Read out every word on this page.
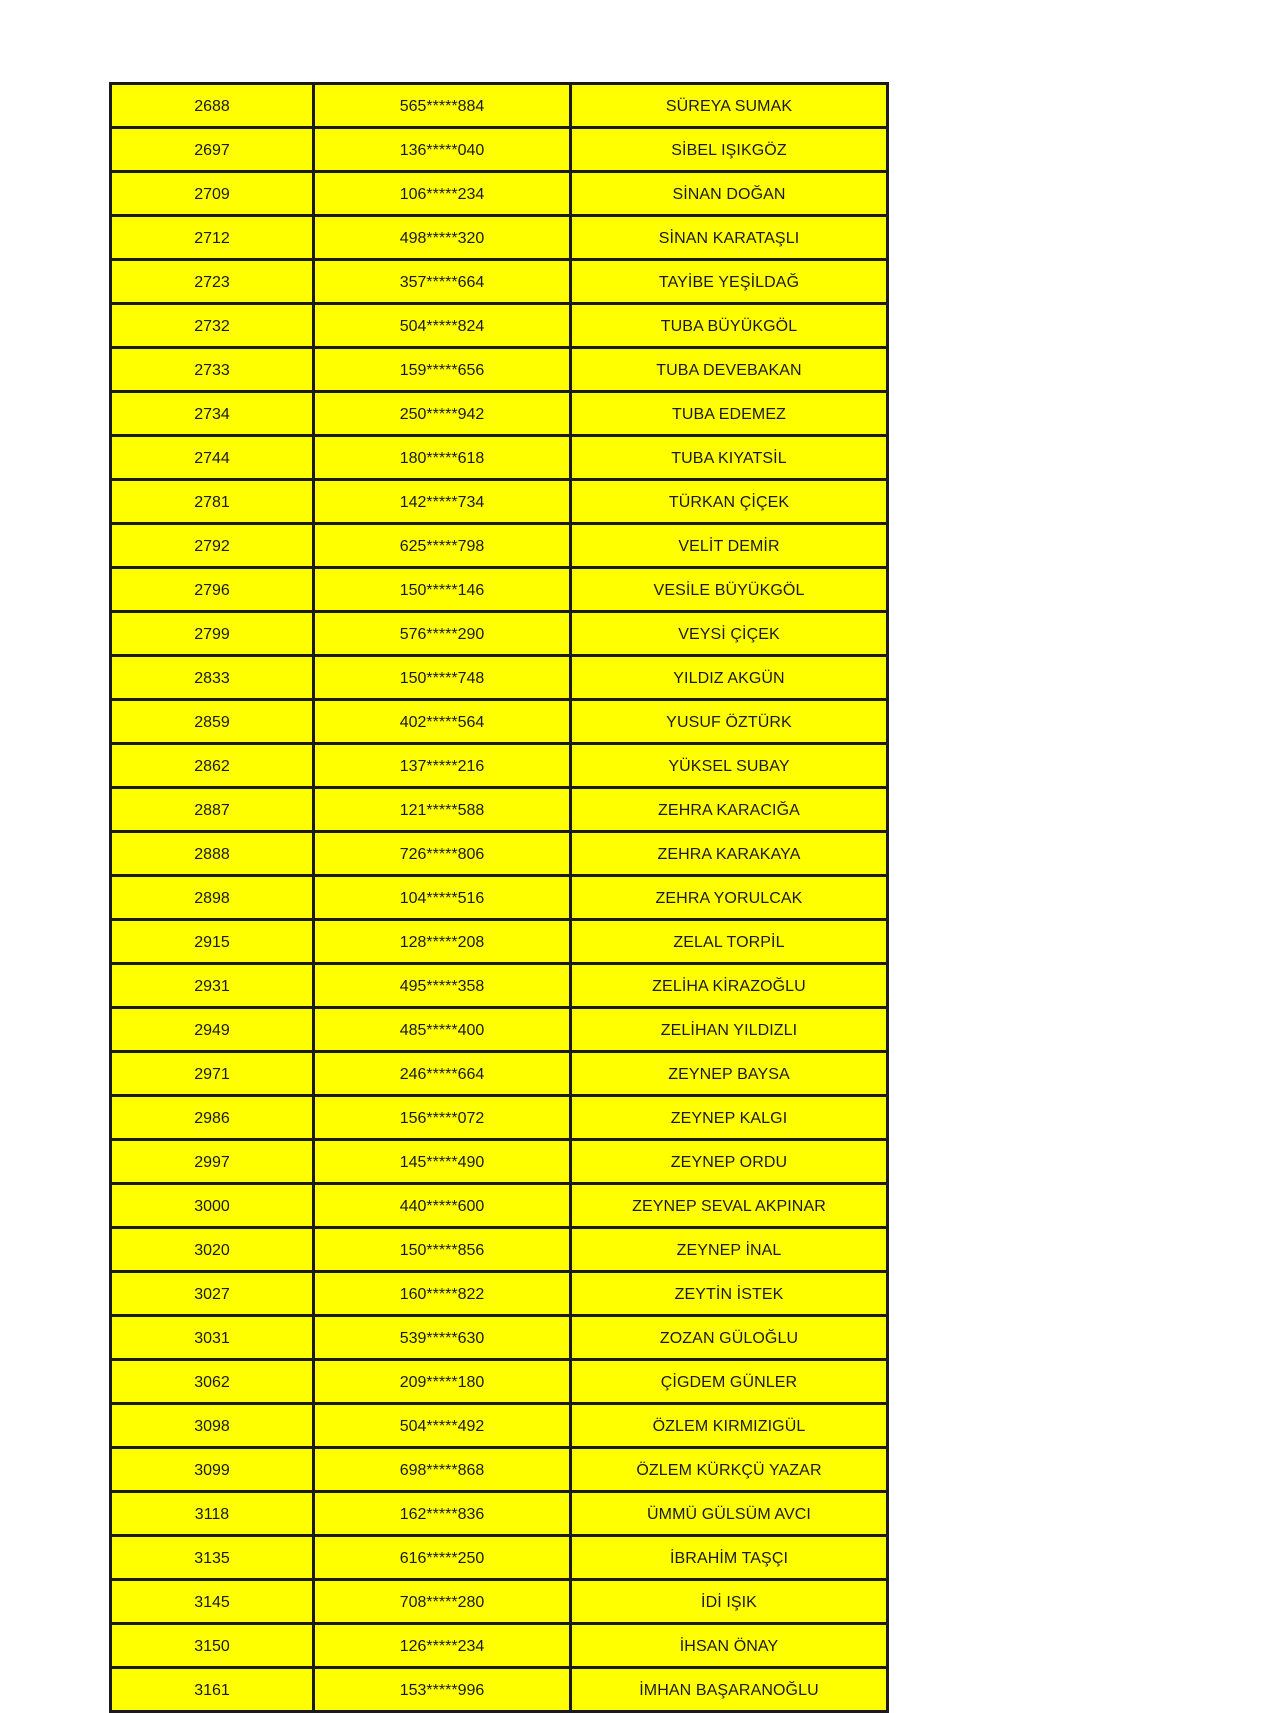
2688	565*****884	SÜREYA SUMAK
2697	136*****040	SİBEL IŞIKGÖZ
2709	106*****234	SİNAN DOĞAN
2712	498*****320	SİNAN KARATAŞLI
2723	357*****664	TAYİBE YEŞİLDAĞ
2732	504*****824	TUBA BÜYÜKGÖL
2733	159*****656	TUBA DEVEBAKAN
2734	250*****942	TUBA EDEMEZ
2744	180*****618	TUBA KIYATSİL
2781	142*****734	TÜRKAN ÇİÇEK
2792	625*****798	VELİT DEMİR
2796	150*****146	VESİLE BÜYÜKGÖL
2799	576*****290	VEYSİ ÇİÇEK
2833	150*****748	YILDIZ AKGÜN
2859	402*****564	YUSUF ÖZTÜRK
2862	137*****216	YÜKSEL SUBAY
2887	121*****588	ZEHRA KARACIĞA
2888	726*****806	ZEHRA KARAKAYA
2898	104*****516	ZEHRA YORULCAK
2915	128*****208	ZELAL TORPİL
2931	495*****358	ZELİHA KİRAZOĞLU
2949	485*****400	ZELİHAN YILDIZLI
2971	246*****664	ZEYNEP BAYSA
2986	156*****072	ZEYNEP KALGI
2997	145*****490	ZEYNEP ORDU
3000	440*****600	ZEYNEP SEVAL AKPINAR
3020	150*****856	ZEYNEP İNAL
3027	160*****822	ZEYTİN İSTEK
3031	539*****630	ZOZAN GÜLOĞLU
3062	209*****180	ÇİGDEM GÜNLER
3098	504*****492	ÖZLEM KIRMIZIGÜL
3099	698*****868	ÖZLEM KÜRKÇÜ YAZAR
3118	162*****836	ÜMMÜ GÜLSÜM AVCI
3135	616*****250	İBRAHİM TAŞÇI
3145	708*****280	İDİ IŞIK
3150	126*****234	İHSAN ÖNAY
3161	153*****996	İMHAN BAŞARANOĞLU
